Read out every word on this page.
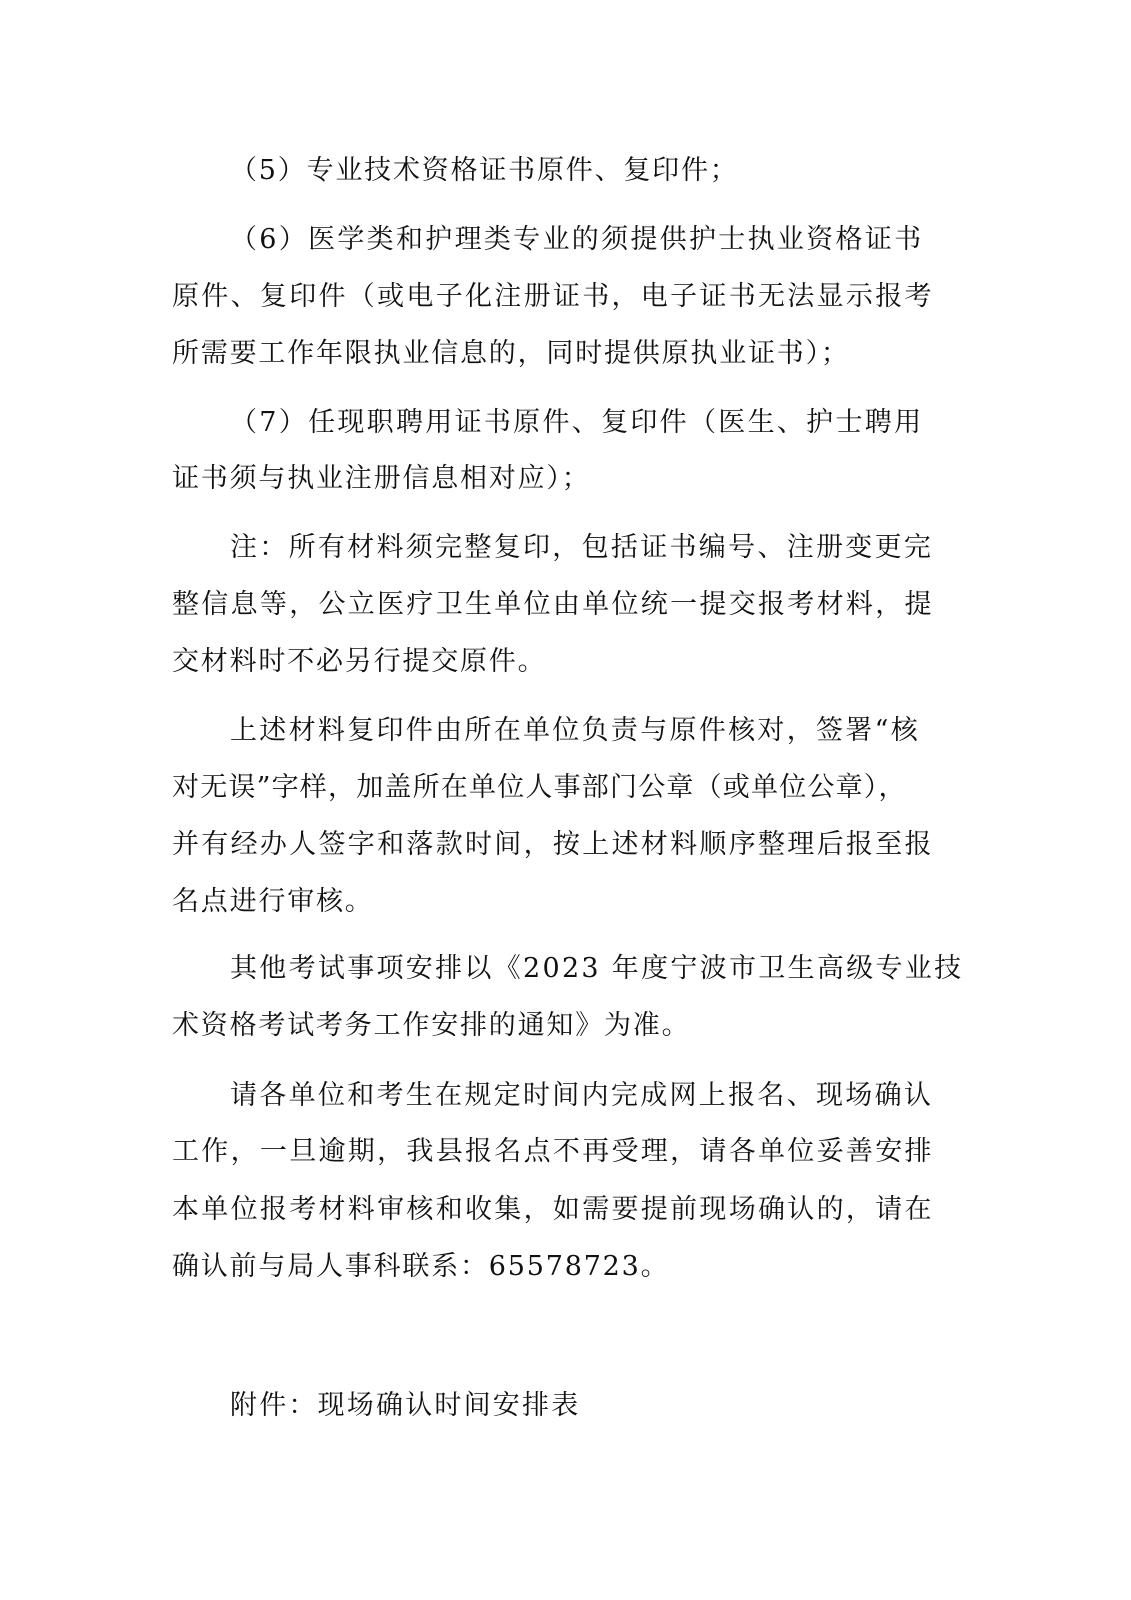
（5）专业技术资格证书原件、复印件；
（6）医学类和护理类专业的须提供护士执业资格证书
原件、复印件（或电子化注册证书，电子证书无法显示报考
所需要工作年限执业信息的，同时提供原执业证书）；
（7）任现职聘用证书原件、复印件（医生、护士聘用
证书须与执业注册信息相对应）；
注：所有材料须完整复印，包括证书编号、注册变更完
整信息等，公立医疗卫生单位由单位统一提交报考材料，提
交材料时不必另行提交原件。
上述材料复印件由所在单位负责与原件核对，签署“核
对无误”字样，加盖所在单位人事部门公章（或单位公章），
并有经办人签字和落款时间，按上述材料顺序整理后报至报
名点进行审核。
其他考试事项安排以《2023 年度宁波市卫生高级专业技
术资格考试考务工作安排的通知》为准。
请各单位和考生在规定时间内完成网上报名、现场确认
工作，一旦逾期，我县报名点不再受理，请各单位妥善安排
本单位报考材料审核和收集，如需要提前现场确认的，请在
确认前与局人事科联系：65578723。
附件：现场确认时间安排表
